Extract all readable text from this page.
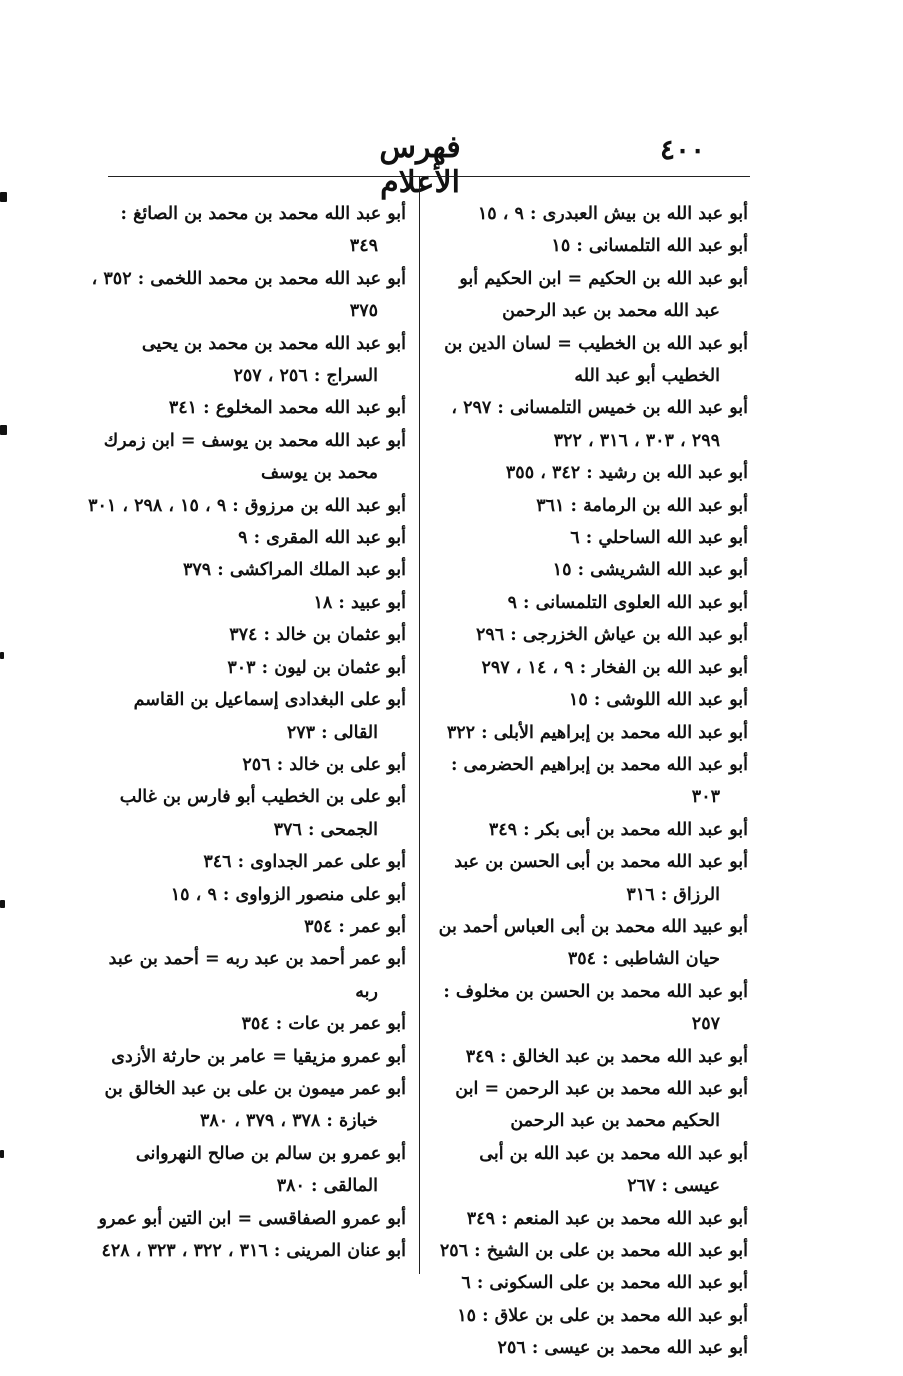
٤٠٠
فهرس الأعلام
أبو عبد الله بن بيش العبدرى : ٩ ، ١٥
أبو عبد الله التلمسانى : ١٥
أبو عبد الله بن الحكيم = ابن الحكيم أبو عبد الله محمد بن عبد الرحمن
أبو عبد الله بن الخطيب = لسان الدين بن الخطيب أبو عبد الله
أبو عبد الله بن خميس التلمسانى : ٢٩٧ ، ٢٩٩ ، ٣٠٣ ، ٣١٦ ، ٣٢٢
أبو عبد الله بن رشيد : ٣٤٢ ، ٣٥٥
أبو عبد الله بن الرمامة : ٣٦١
أبو عبد الله الساحلي : ٦
أبو عبد الله الشريشى : ١٥
أبو عبد الله العلوى التلمسانى : ٩
أبو عبد الله بن عياش الخزرجى : ٢٩٦
أبو عبد الله بن الفخار : ٩ ، ١٤ ، ٢٩٧
أبو عبد الله اللوشى : ١٥
أبو عبد الله محمد بن إبراهيم الأبلى : ٣٢٢
أبو عبد الله محمد بن إبراهيم الحضرمى : ٣٠٣
أبو عبد الله محمد بن أبى بكر : ٣٤٩
أبو عبد الله محمد بن أبى الحسن بن عبد الرزاق : ٣١٦
أبو عبيد الله محمد بن أبى العباس أحمد بن حيان الشاطبى : ٣٥٤
أبو عبد الله محمد بن الحسن بن مخلوف : ٢٥٧
أبو عبد الله محمد بن عبد الخالق : ٣٤٩
أبو عبد الله محمد بن عبد الرحمن = ابن الحكيم محمد بن عبد الرحمن
أبو عبد الله محمد بن عبد الله بن أبى عيسى : ٢٦٧
أبو عبد الله محمد بن عبد المنعم : ٣٤٩
أبو عبد الله محمد بن على بن الشيخ : ٢٥٦
أبو عبد الله محمد بن على السكونى : ٦
أبو عبد الله محمد بن على بن علاق : ١٥
أبو عبد الله محمد بن عيسى : ٢٥٦
أبو عبد الله محمد بن محمد بن الصائغ : ٣٤٩
أبو عبد الله محمد بن محمد اللخمى : ٣٥٢ ، ٣٧٥
أبو عبد الله محمد بن محمد بن يحيى السراج : ٢٥٦ ، ٢٥٧
أبو عبد الله محمد المخلوع : ٣٤١
أبو عبد الله محمد بن يوسف = ابن زمرك محمد بن يوسف
أبو عبد الله بن مرزوق : ٩ ، ١٥ ، ٢٩٨ ، ٣٠١
أبو عبد الله المقرى : ٩
أبو عبد الملك المراكشى : ٣٧٩
أبو عبيد : ١٨
أبو عثمان بن خالد : ٣٧٤
أبو عثمان بن ليون : ٣٠٣
أبو على البغدادى إسماعيل بن القاسم القالى : ٢٧٣
أبو على بن خالد : ٢٥٦
أبو على بن الخطيب أبو فارس بن غالب الجمحى : ٣٧٦
أبو على عمر الجداوى : ٣٤٦
أبو على منصور الزواوى : ٩ ، ١٥
أبو عمر : ٣٥٤
أبو عمر أحمد بن عبد ربه = أحمد بن عبد ربه
أبو عمر بن عات : ٣٥٤
أبو عمرو مزيقيا = عامر بن حارثة الأزدى
أبو عمر ميمون بن على بن عبد الخالق بن خبازة : ٣٧٨ ، ٣٧٩ ، ٣٨٠
أبو عمرو بن سالم بن صالح النهروانى المالقى : ٣٨٠
أبو عمرو الصفاقسى = ابن التين أبو عمرو
أبو عنان المرينى : ٣١٦ ، ٣٢٢ ، ٣٢٣ ، ٤٢٨
